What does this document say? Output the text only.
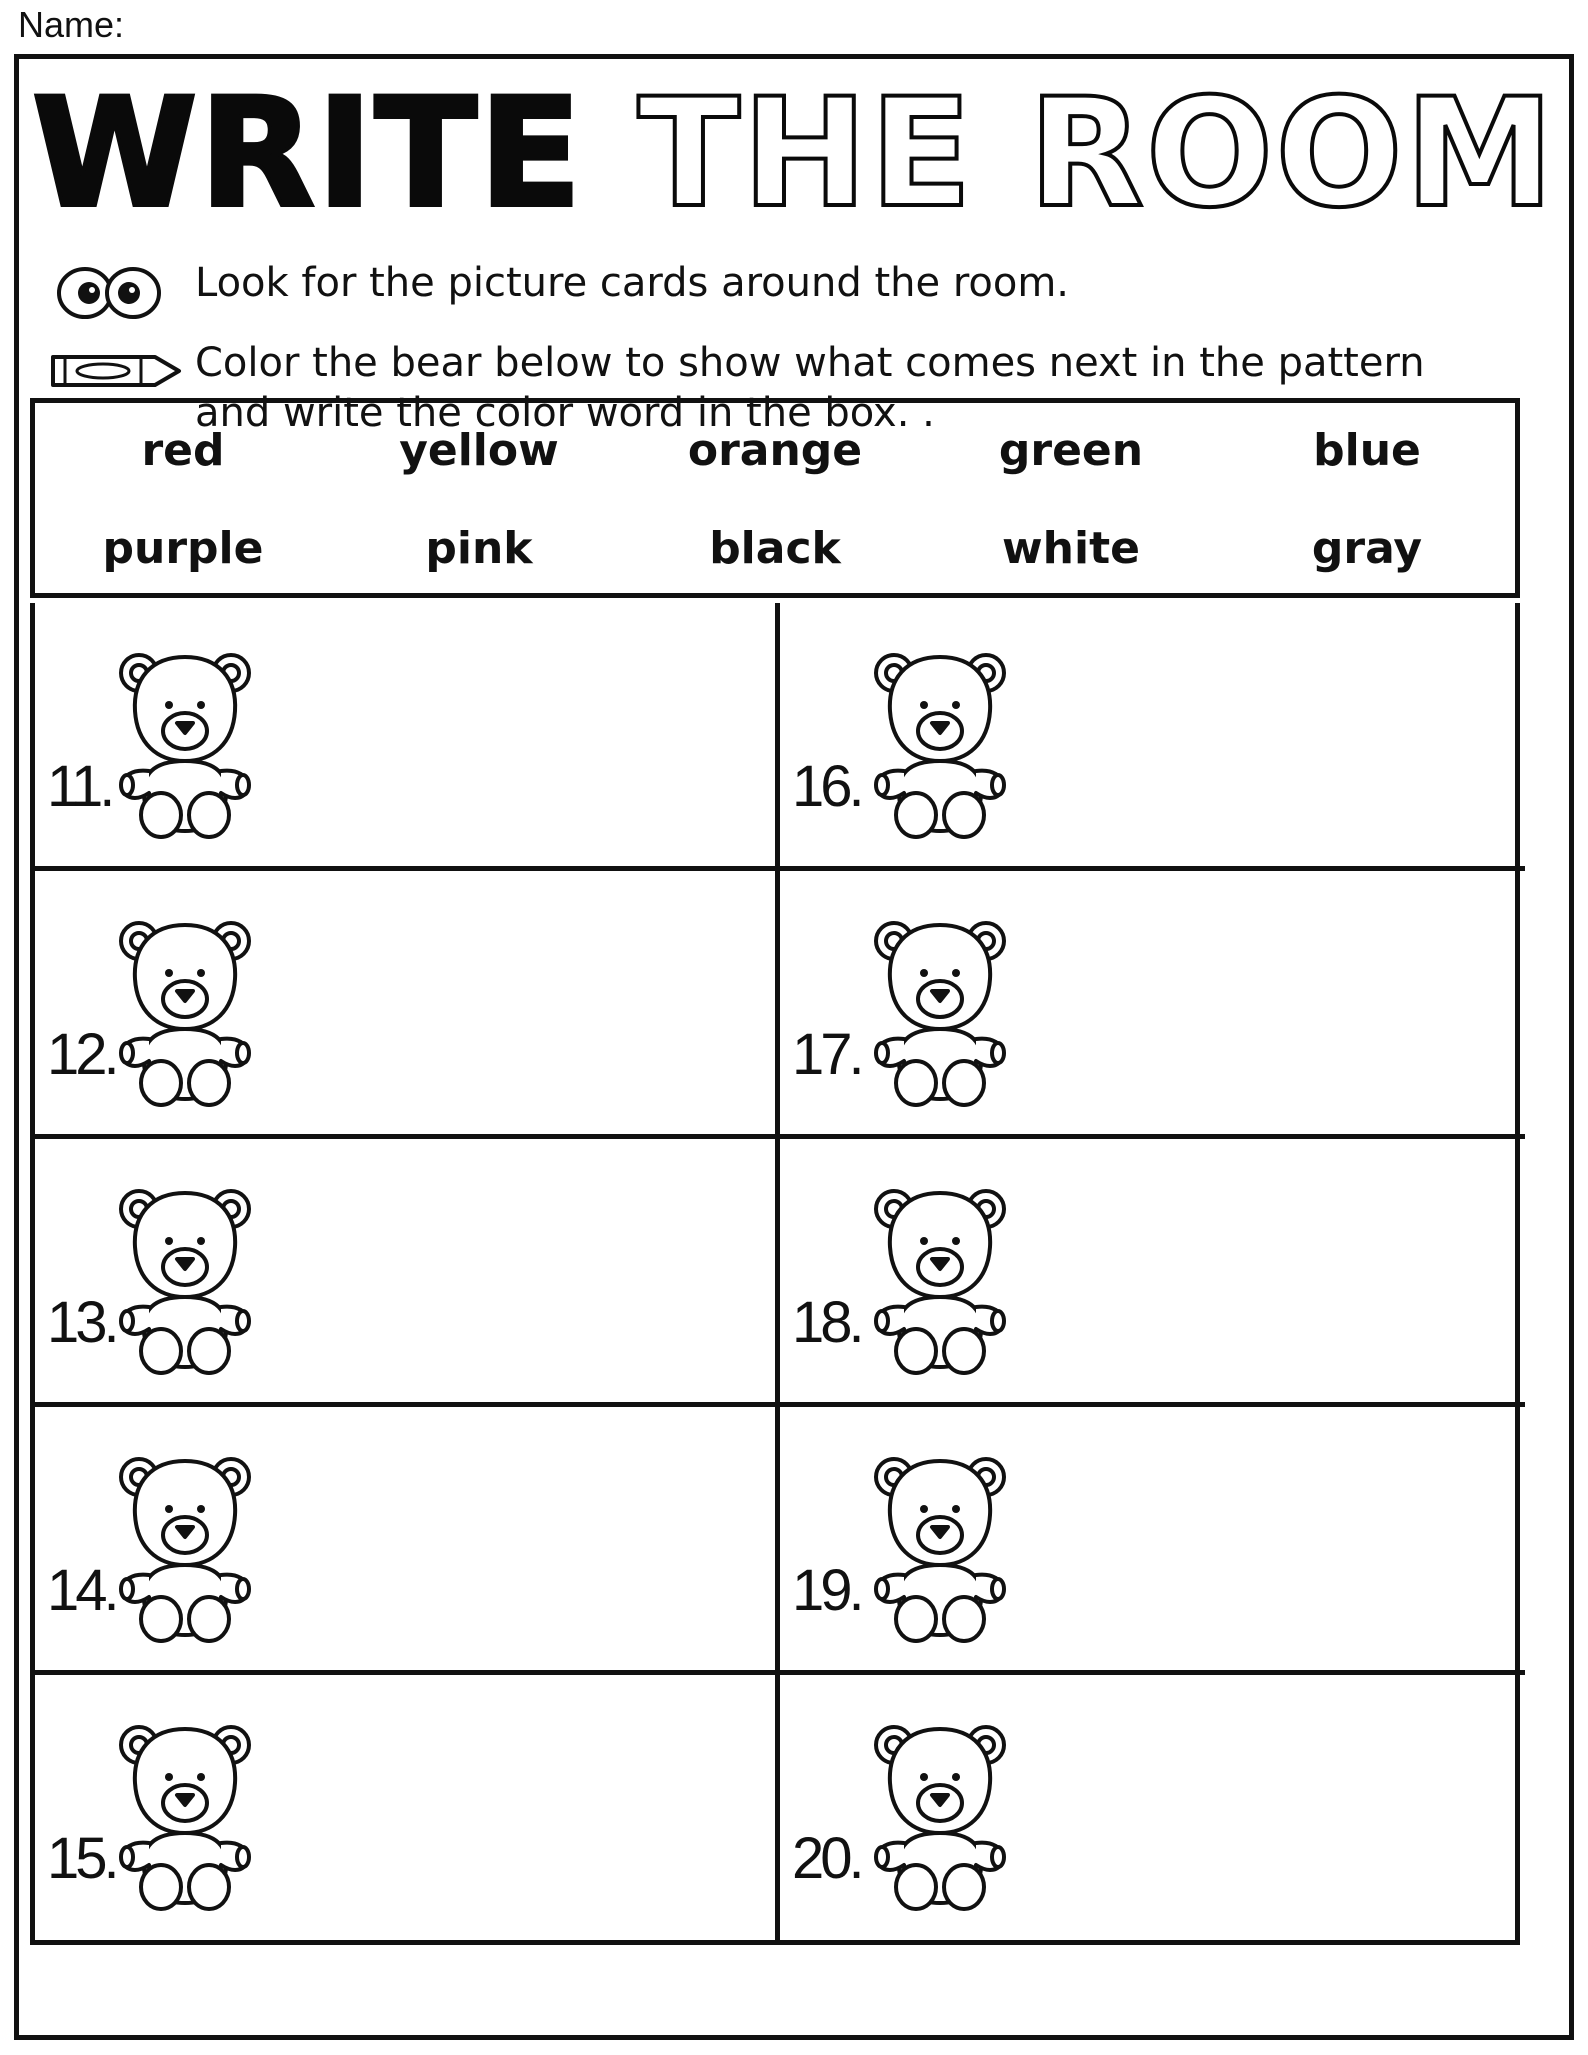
Name:
WRITE THE ROOM
Look for the picture cards around the room.
Color the bear below to show what comes next in the pattern
and write the color word in the box. .
red	yellow	orange	green	blue
purple	pink	black	white	gray
11.
12.
13.
14.
15.
16.
17.
18.
19.
20.
